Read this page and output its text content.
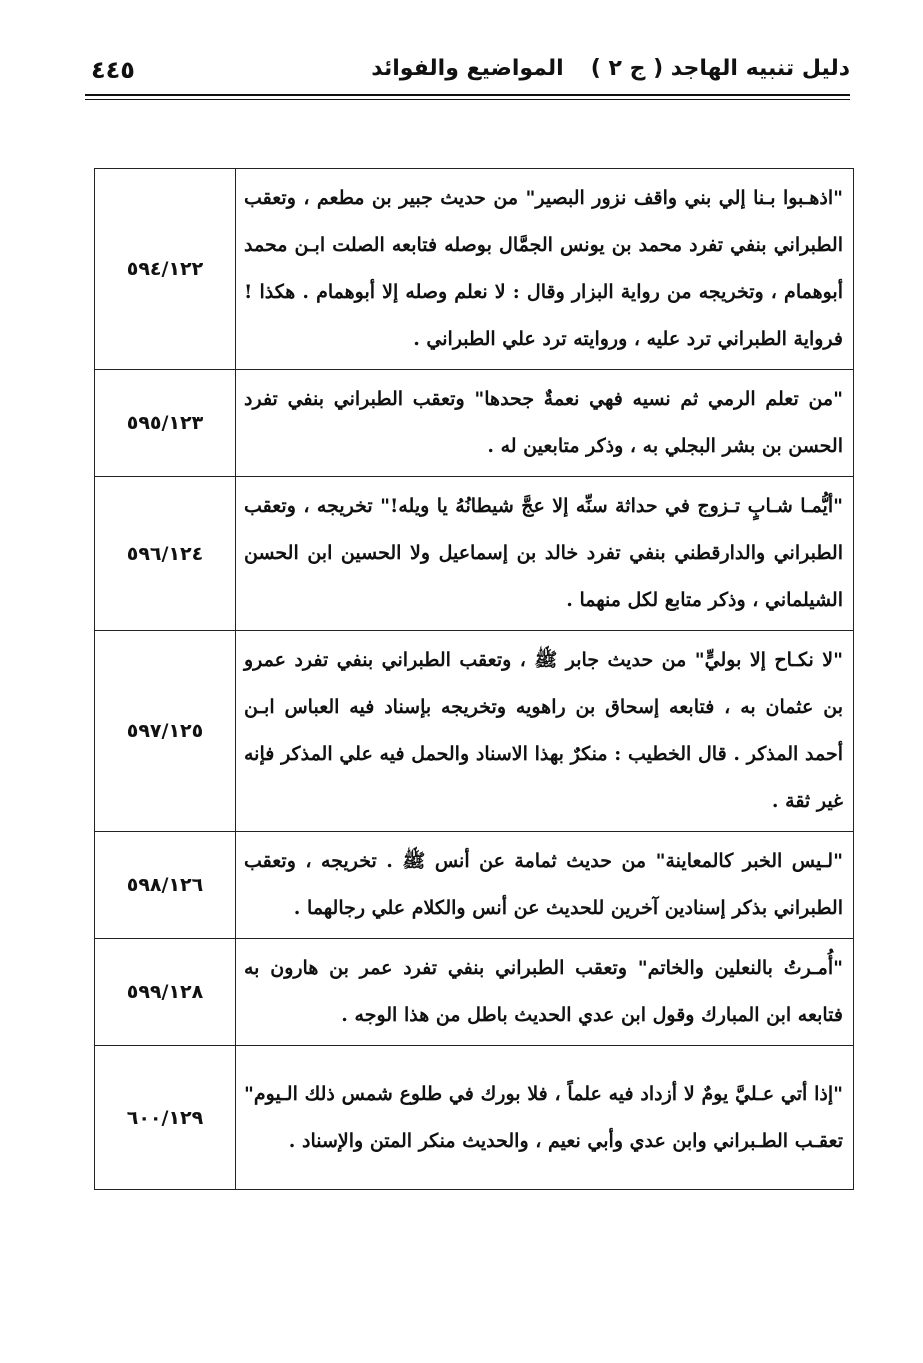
دليل تنبيه الهاجد ( ج ٢ )
المواضيع والفوائد
٤٤٥
٥٩٤/١٢٢	"اذهـبوا بـنا إلي بني واقف نزور البصير" من حديث جبير بن مطعم ، وتعقب الطبراني بنفي تفرد محمد بن يونس الجمَّال بوصله فتابعه الصلت ابـن محمد أبوهمام ، وتخريجه من رواية البزار وقال : لا نعلم وصله إلا أبوهمام . هكذا ! فرواية الطبراني ترد عليه ، وروايته ترد علي الطبراني .
٥٩٥/١٢٣	"من تعلم الرمي ثم نسيه فهي نعمةٌ جحدها" وتعقب الطبراني بنفي تفرد الحسن بن بشر البجلي به ، وذكر متابعين له .
٥٩٦/١٢٤	"أيُّمـا شـابٍ تـزوج في حداثة سنِّه إلا عجَّ شيطانُهُ يا ويله!" تخريجه ، وتعقب الطبراني والدارقطني بنفي تفرد خالد بن إسماعيل ولا الحسين ابن الحسن الشيلماني ، وذكر متابع لكل منهما .
٥٩٧/١٢٥	"لا نكـاح إلا بوليٍّ" من حديث جابر ﷺ ، وتعقب الطبراني بنفي تفرد عمرو بن عثمان به ، فتابعه إسحاق بن راهويه وتخريجه بإسناد فيه العباس ابـن أحمد المذكر . قال الخطيب : منكرٌ بهذا الاسناد والحمل فيه علي المذكر فإنه غير ثقة .
٥٩٨/١٢٦	"لـيس الخبر كالمعاينة" من حديث ثمامة عن أنس ﷺ . تخريجه ، وتعقب الطبراني بذكر إسنادين آخرين للحديث عن أنس والكلام علي رجالهما .
٥٩٩/١٢٨	"أُمـرتُ بالنعلين والخاتم" وتعقب الطبراني بنفي تفرد عمر بن هارون به فتابعه ابن المبارك وقول ابن عدي الحديث باطل من هذا الوجه .
٦٠٠/١٢٩	"إذا أتي عـليَّ يومٌ لا أزداد فيه علماً ، فلا بورك في طلوع شمس ذلك الـيوم" تعقـب الطـبراني وابن عدي وأبي نعيم ، والحديث منكر المتن والإسناد .
